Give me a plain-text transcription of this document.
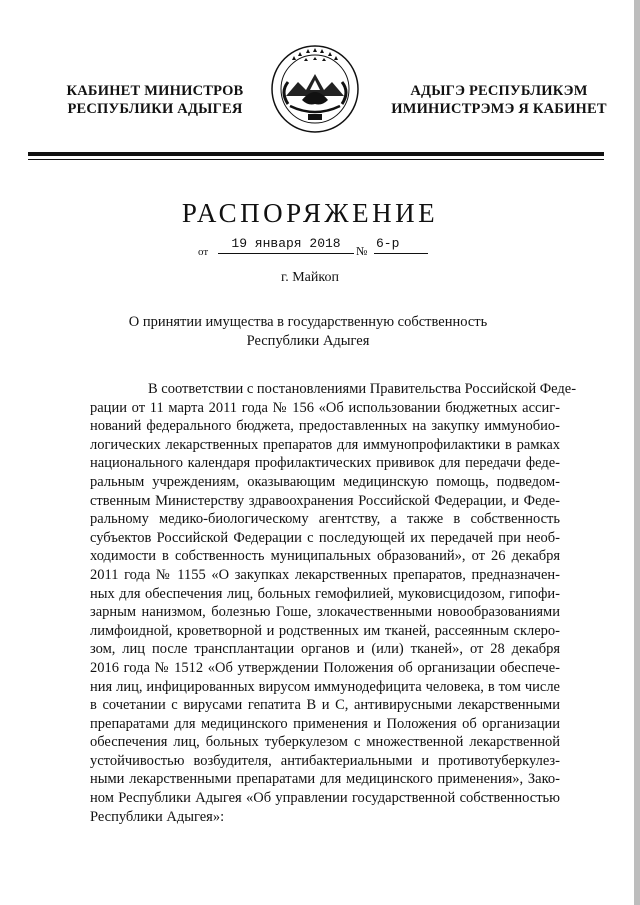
КАБИНЕТ МИНИСТРОВ
РЕСПУБЛИКИ АДЫГЕЯ
АДЫГЭ РЕСПУБЛИКЭМ
ИМИНИСТРЭМЭ Я КАБИНЕТ
РАСПОРЯЖЕНИЕ
от
19 января 2018	№ 6-р
г. Майкоп
О принятии имущества в государственную собственность
Республики Адыгея
В соответствии с постановлениями Правительства Российской Феде-
рации от 11 марта 2011 года № 156 «Об использовании бюджетных ассиг-
нований федерального бюджета, предоставленных на закупку иммунобио-
логических лекарственных препаратов для иммунопрофилактики в рамках
национального календаря профилактических прививок для передачи феде-
ральным учреждениям, оказывающим медицинскую помощь, подведом-
ственным Министерству здравоохранения Российской Федерации, и Феде-
ральному медико-биологическому агентству, а также в собственность
субъектов Российской Федерации с последующей их передачей при необ-
ходимости в собственность муниципальных образований», от 26 декабря
2011 года № 1155 «О закупках лекарственных препаратов, предназначен-
ных для обеспечения лиц, больных гемофилией, муковисцидозом, гипофи-
зарным нанизмом, болезнью Гоше, злокачественными новообразованиями
лимфоидной, кроветворной и родственных им тканей, рассеянным склеро-
зом, лиц после трансплантации органов и (или) тканей», от 28 декабря
2016 года № 1512 «Об утверждении Положения об организации обеспече-
ния лиц, инфицированных вирусом иммунодефицита человека, в том числе
в сочетании с вирусами гепатита В и С, антивирусными лекарственными
препаратами для медицинского применения и Положения об организации
обеспечения лиц, больных туберкулезом с множественной лекарственной
устойчивостью возбудителя, антибактериальными и противотуберкулез-
ными лекарственными препаратами для медицинского применения», Зако-
ном Республики Адыгея «Об управлении государственной собственностью
Республики Адыгея»:
